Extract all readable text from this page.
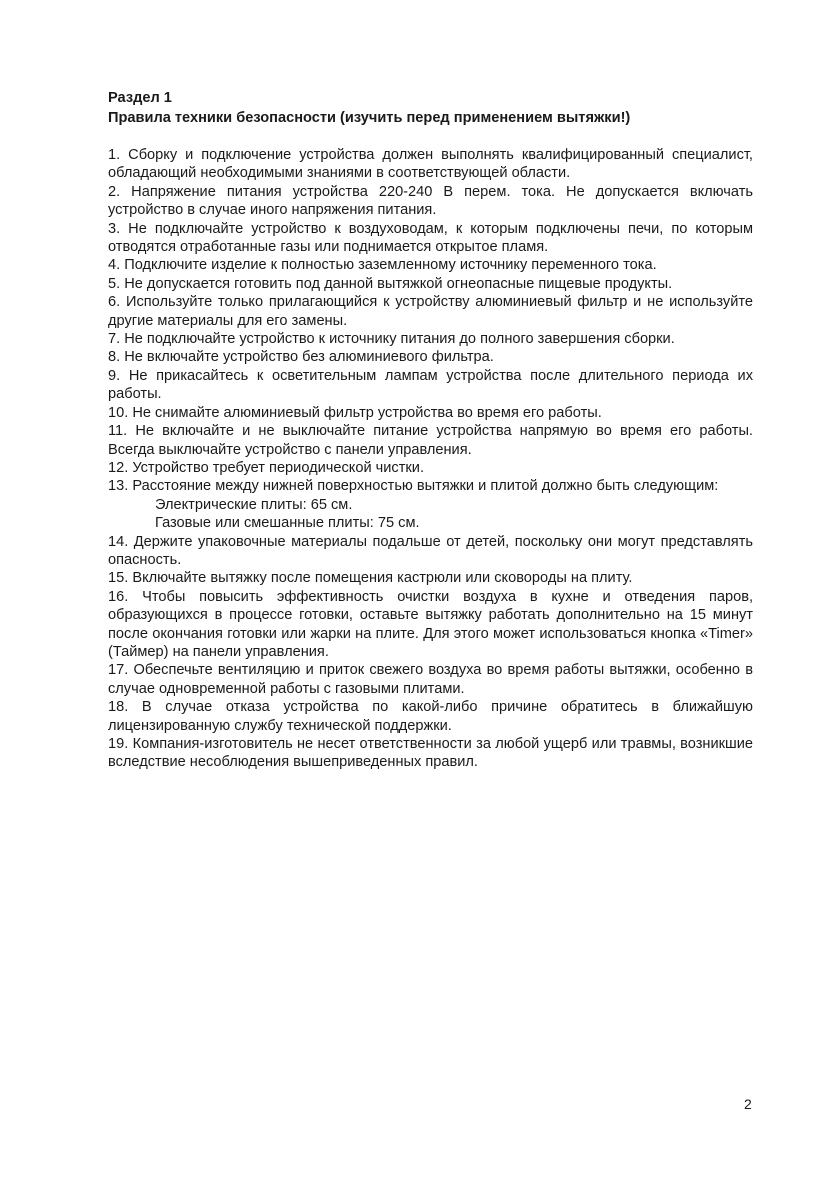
Раздел 1

Правила техники безопасности (изучить перед применением вытяжки!)

1. Сборку и подключение устройства должен выполнять квалифицированный специалист, обладающий необходимыми знаниями в соответствующей области.

2. Напряжение питания устройства 220-240 В перем. тока. Не допускается включать устройство в случае иного напряжения питания.

3. Не подключайте устройство к воздуховодам, к которым подключены печи, по которым отводятся отработанные газы или поднимается открытое пламя.

4. Подключите изделие к полностью заземленному источнику переменного тока.

5. Не допускается готовить под данной вытяжкой огнеопасные пищевые продукты.

6. Используйте только прилагающийся к устройству алюминиевый фильтр и не используйте другие материалы для его замены.

7. Не подключайте устройство к источнику питания до полного завершения сборки.

8. Не включайте устройство без алюминиевого фильтра.

9. Не прикасайтесь к осветительным лампам устройства после длительного периода их работы.

10. Не снимайте алюминиевый фильтр устройства во время его работы.

11. Не включайте и не выключайте питание устройства напрямую во время его работы. Всегда выключайте устройство с панели управления.

12. Устройство требует периодической чистки.

13. Расстояние между нижней поверхностью вытяжки и плитой должно быть следующим:

Электрические плиты: 65 см.

Газовые или смешанные плиты: 75 см.

14. Держите упаковочные материалы подальше от детей, поскольку они могут представлять опасность.

15. Включайте вытяжку после помещения кастрюли или сковороды на плиту.

16. Чтобы повысить эффективность очистки воздуха в кухне и отведения паров, образующихся в процессе готовки, оставьте вытяжку работать дополнительно на 15 минут после окончания готовки или жарки на плите. Для этого может использоваться кнопка «Timer» (Таймер) на панели управления.

17. Обеспечьте вентиляцию и приток свежего воздуха во время работы вытяжки, особенно в случае одновременной работы с газовыми плитами.

18. В случае отказа устройства по какой-либо причине обратитесь в ближайшую лицензированную службу технической поддержки.

19. Компания-изготовитель не несет ответственности за любой ущерб или травмы, возникшие вследствие несоблюдения вышеприведенных правил.

2
